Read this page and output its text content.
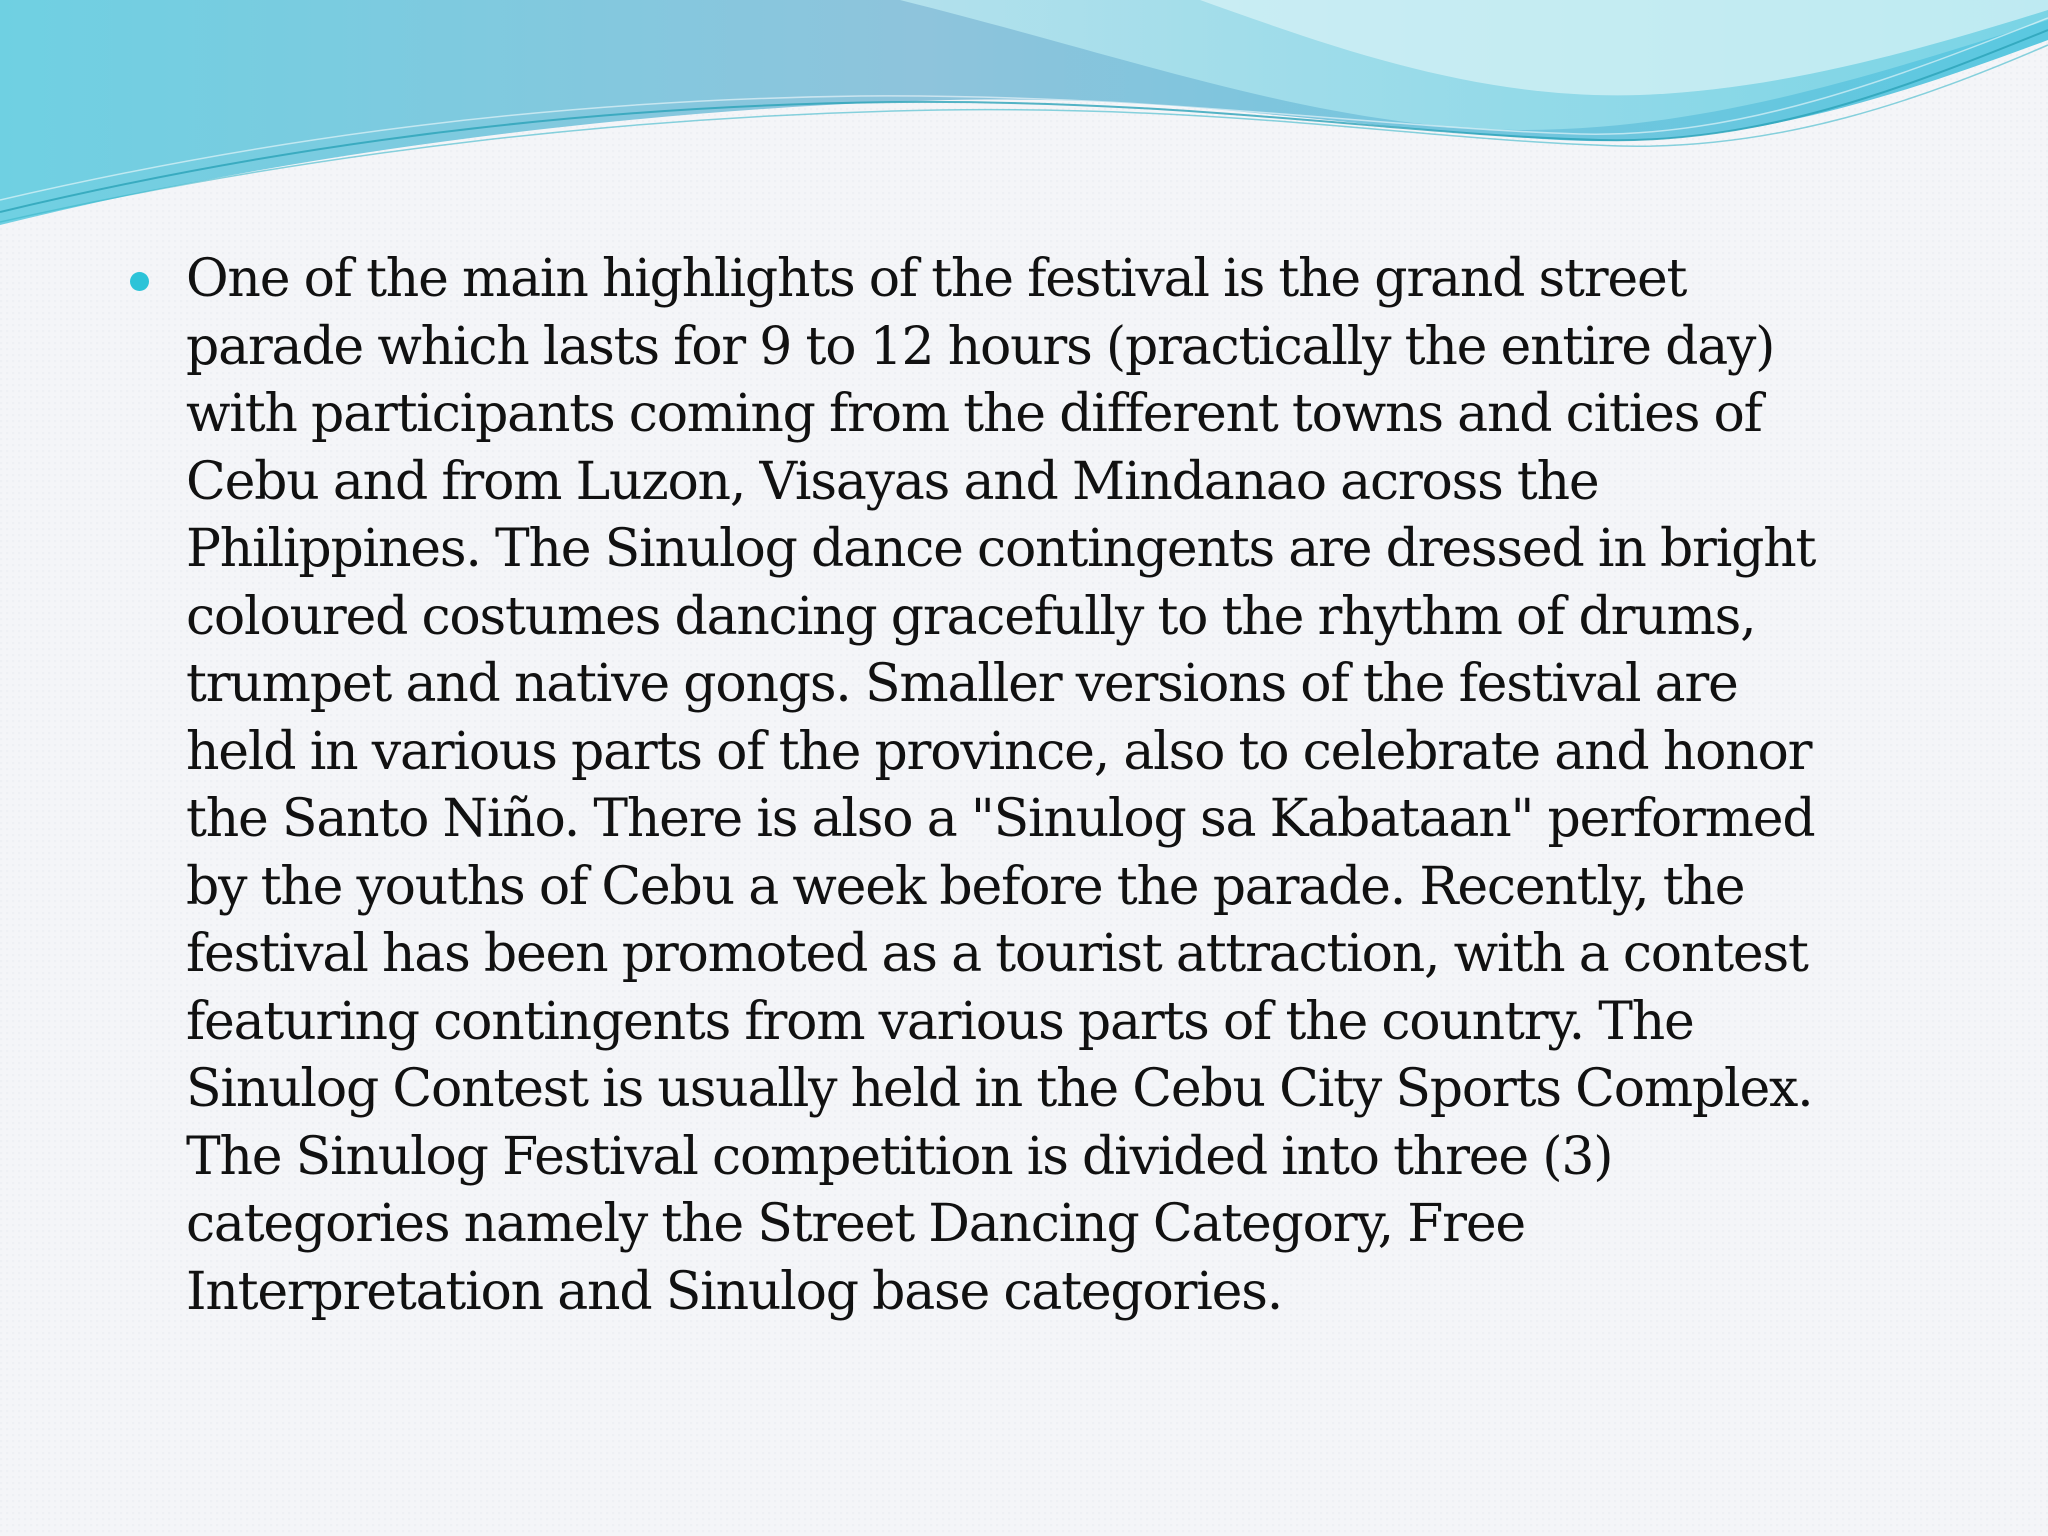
One of the main highlights of the festival is the grand street
parade which lasts for 9 to 12 hours (practically the entire day)
with participants coming from the different towns and cities of
Cebu and from Luzon, Visayas and Mindanao across the
Philippines. The Sinulog dance contingents are dressed in bright
coloured costumes dancing gracefully to the rhythm of drums,
trumpet and native gongs. Smaller versions of the festival are
held in various parts of the province, also to celebrate and honor
the Santo Niño. There is also a "Sinulog sa Kabataan" performed
by the youths of Cebu a week before the parade. Recently, the
festival has been promoted as a tourist attraction, with a contest
featuring contingents from various parts of the country. The
Sinulog Contest is usually held in the Cebu City Sports Complex.
The Sinulog Festival competition is divided into three (3)
categories namely the Street Dancing Category, Free
Interpretation and Sinulog base categories.
